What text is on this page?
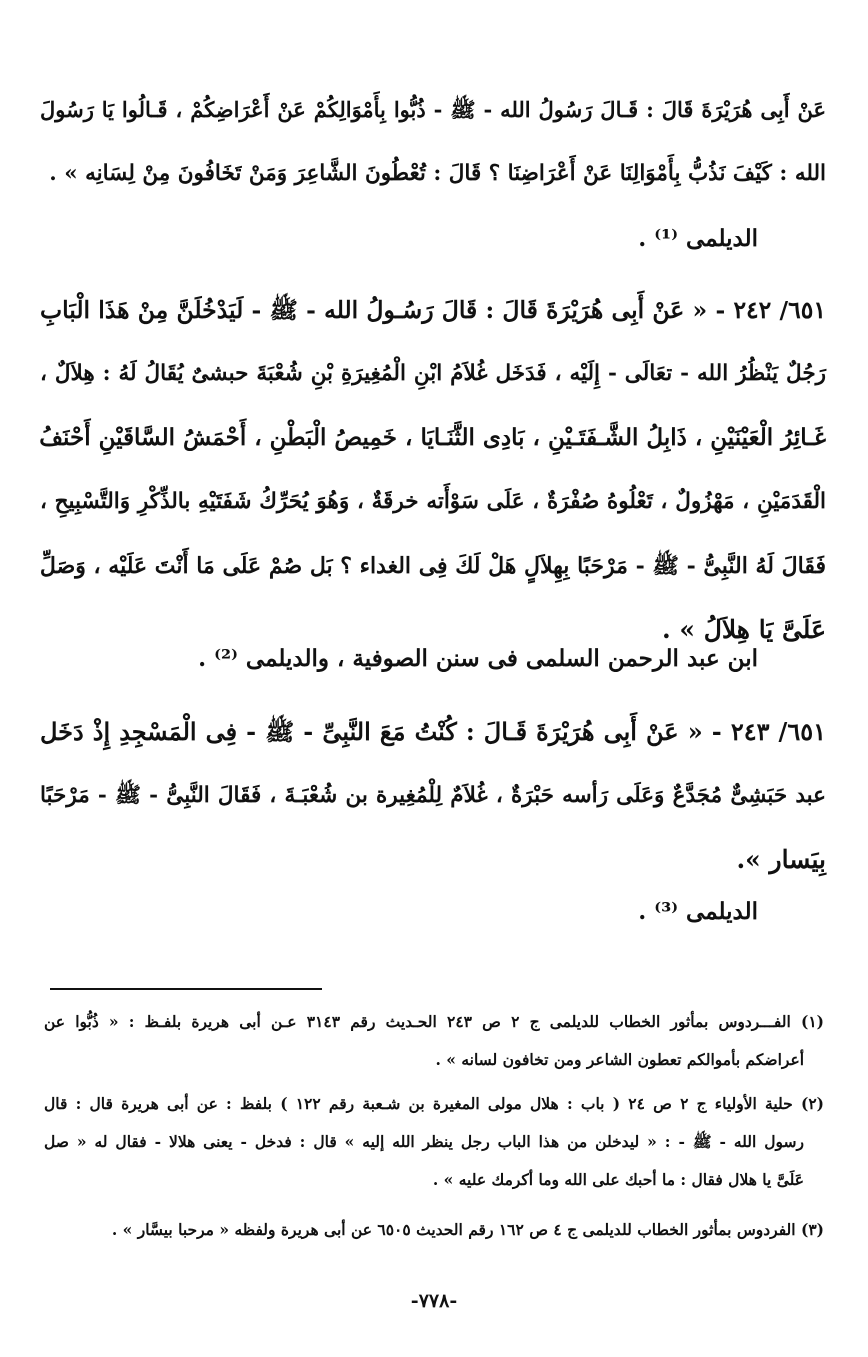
عَنْ أَبِى هُرَيْرَةَ قَالَ : قَـالَ رَسُولُ الله - ﷺ - ذُبُّوا بِأَمْوَالِكُمْ عَنْ أَعْرَاضِكُمْ ، قَـالُوا يَا رَسُولَ
الله : كَيْفَ نَذُبُّ بِأَمْوَالِنَا عَنْ أَعْرَاضِنَا ؟ قَالَ : تُعْطُونَ الشَّاعِرَ وَمَنْ تَخَافُونَ مِنْ لِسَانِه » .
الديلمى ⁽¹⁾ .
٦٥١/ ٢٤٢ - « عَنْ أَبِى هُرَيْرَةَ قَالَ : قَالَ رَسُـولُ الله - ﷺ - لَيَدْخُلَنَّ مِنْ هَذَا الْبَابِ
رَجُلٌ يَنْظُرُ الله - تعَالَى - إِلَيْه ، فَدَخَل غُلاَمُ ابْنِ الْمُغِيرَةِ بْنِ شُعْبَةَ حبشىٌ يُقَالُ لَهُ : هِلاَلٌ ،
غَـائِرُ الْعَيْنَيْنِ ، ذَابِلُ الشَّـفَتَـيْنِ ، بَادِى الثَّنَـايَا ، خَمِيصُ الْبَطْنِ ، أَحْمَشُ السَّاقَيْنِ أَحْنَفُ
الْقَدَمَيْنِ ، مَهْزُولٌ ، تَعْلُوهُ صُفْرَةٌ ، عَلَى سَوْأَته خرقَةٌ ، وَهُوَ يُحَرِّكُ شَفَتَيْهِ بالذِّكْرِ وَالتَّسْبِيحِ ،
فَقَالَ لَهُ النَّبِىُّ - ﷺ - مَرْحَبًا بِهِلاَلٍ هَلْ لَكَ فِى الغداء ؟ بَل صُمْ عَلَى مَا أَنْتَ عَلَيْه ، وَصَلِّ
عَلَىَّ يَا هِلاَلُ » .
ابن عبد الرحمن السلمى فى سنن الصوفية ، والديلمى ⁽²⁾ .
٦٥١/ ٢٤٣ - « عَنْ أَبِى هُرَيْرَةَ قَـالَ : كُنْتُ مَعَ النَّبِىِّ - ﷺ - فِى الْمَسْجِدِ إِذْ دَخَل
عبد حَبَشِىٌّ مُجَدَّعٌ وَعَلَى رَأسه حَبْرَةٌ ، غُلاَمٌ لِلْمُغِيرة بن شُعْبَـةَ ، فَقَالَ النَّبِىُّ - ﷺ - مَرْحَبًا
بِيَسار ».
الديلمى ⁽³⁾ .
(١) الفـــردوس بمأثور الخطاب للديلمى ج ٢ ص ٢٤٣ الحـديث رقم ٣١٤٣ عـن أبى هريرة بلفـظ : « ذُبُّوا عن
أعراضكم بأموالكم تعطون الشاعر ومن تخافون لسانه » .
(٢) حلية الأولياء ج ٢ ص ٢٤ ( باب : هلال مولى المغيرة بن شـعبة رقم ١٢٢ ) بلفظ : عن أبى هريرة قال : قال
رسول الله - ﷺ - : « ليدخلن من هذا الباب رجل ينظر الله إليه » قال : فدخل - يعنى هلالا - فقال له « صل
عَلَىَّ يا هلال فقال : ما أحبك على الله وما أكرمك عليه » .
(٣) الفردوس بمأثور الخطاب للديلمى ج ٤ ص ١٦٢ رقم الحديث ٦٥٠٥ عن أبى هريرة ولفظه « مرحبا بيسَّار » .
-٧٧٨-
